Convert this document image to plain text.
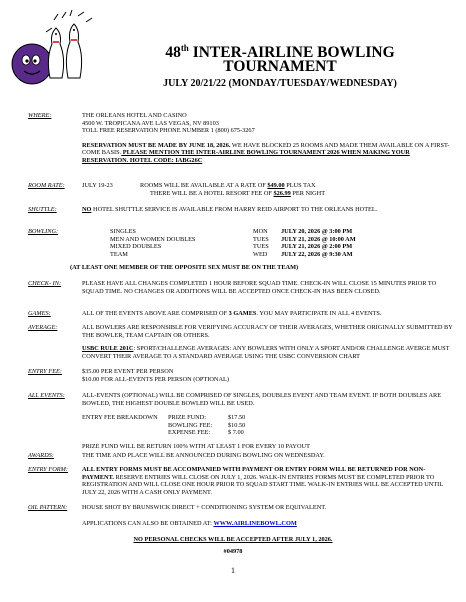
48th INTER-AIRLINE BOWLING
TOURNAMENT
JULY 20/21/22 (MONDAY/TUESDAY/WEDNESDAY)
WHERE:	THE ORLEANS HOTEL AND CASINO
4500 W. TROPICANA AVE LAS VEGAS, NV 89103
TOLL FREE RESERVATION PHONE NUMBER 1 (800) 675-3267
RESERVATION MUST BE MADE BY JUNE 18, 2026. WE HAVE BLOCKED 25 ROOMS AND MADE THEM AVAILABLE ON A FIRST-COME BASIS. PLEASE MENTION THE INTER-AIRLINE BOWLING TOURNAMENT 2026 WHEN MAKING YOUR RESERVATION. HOTEL CODE: IABG26C
ROOM RATE:	JULY 19-23	ROOMS WILL BE AVAILABLE AT A RATE OF $49.00 PLUS TAX
THERE WILL BE A HOTEL RESORT FEE OF $26.99 PER NIGHT
SHUTTLE:	NO HOTEL SHUTTLE SERVICE IS AVAILABLE FROM HARRY REID AIRPORT TO THE ORLEANS HOTEL.
BOWLING:	SINGLES	MON	JULY 20, 2026 @ 3:00 PM
MEN AND WOMEN DOUBLES	TUES	JULY 21, 2026 @ 10:00 AM
MIXED DOUBLES	TUES	JULY 21, 2026 @ 2:00 PM
TEAM	WED	JULY 22, 2026 @ 9:30 AM
(AT LEAST ONE MEMBER OF THE OPPOSITE SEX MUST BE ON THE TEAM)
CHECK- IN:	PLEASE HAVE ALL CHANGES COMPLETED 1 HOUR BEFORE SQUAD TIME. CHECK-IN WILL CLOSE 15 MINUTES PRIOR TO SQUAD TIME. NO CHANGES OR ADDITIONS WILL BE ACCEPTED ONCE CHECK-IN HAS BEEN CLOSED.
GAMES:	ALL OF THE EVENTS ABOVE ARE COMPRISED OF 3 GAMES. YOU MAY PARTICIPATE IN ALL 4 EVENTS.
AVERAGE:	ALL BOWLERS ARE RESPONSIBLE FOR VERIFYING ACCURACY OF THEIR AVERAGES, WHETHER ORIGINALLY SUBMITTED BY THE BOWLER, TEAM CAPTAIN OR OTHERS.
USBC RULE 201C: SPORT/CHALLENGE AVERAGES: ANY BOWLERS WITH ONLY A SPORT AND/OR CHALLENGE AVERGE MUST CONVERT THEIR AVERAGE TO A STANDARD AVERAGE USING THE USBC CONVERSION CHART
ENTRY FEE:	$35.00 PER EVENT PER PERSON
$10.00 FOR ALL-EVENTS PER PERSON (OPTIONAL)
ALL EVENTS:	ALL-EVENTS (OPTIONAL) WILL BE COMPRISED OF SINGLES, DOUBLES EVENT AND TEAM EVENT. IF BOTH DOUBLES ARE BOWLED, THE HIGHEST DOUBLE BOWLED WILL BE USED.
ENTRY FEE BREAKDOWN	PRIZE FUND:	$17.50
BOWLING FEE:	$10.50
EXPENSE FEE:	$ 7.00
PRIZE FUND WILL BE RETURN 100% WITH AT LEAST 1 FOR EVERY 10 PAYOUT
AWARDS:	THE TIME AND PLACE WILL BE ANNOUNCED DURING BOWLING ON WEDNESDAY.
ENTRY FORM: ALL ENTRY FORMS MUST BE ACCOMPANIED WITH PAYMENT OR ENTRY FORM WILL BE RETURNED FOR NON-PAYMENT. RESERVE ENTRIES WILL CLOSE ON JULY 1, 2026. WALK-IN ENTRIES FORMS MUST BE COMPLETED PRIOR TO REGISTRATION AND WILL CLOSE ONE HOUR PRIOR TO SQUAD START TIME. WALK-IN ENTRIES WILL BE ACCEPTED UNTIL JULY 22, 2026 WITH A CASH ONLY PAYMENT.
OIL PATTERN: HOUSE SHOT BY BRUNSWICK DIRECT + CONDITIONING SYSTEM OR EQUIVALENT.
APPLICATIONS CAN ALSO BE OBTAINED AT: WWW.AIRLINEBOWL.COM
NO PERSONAL CHECKS WILL BE ACCEPTED AFTER JULY 1, 2026.
#04978
1
